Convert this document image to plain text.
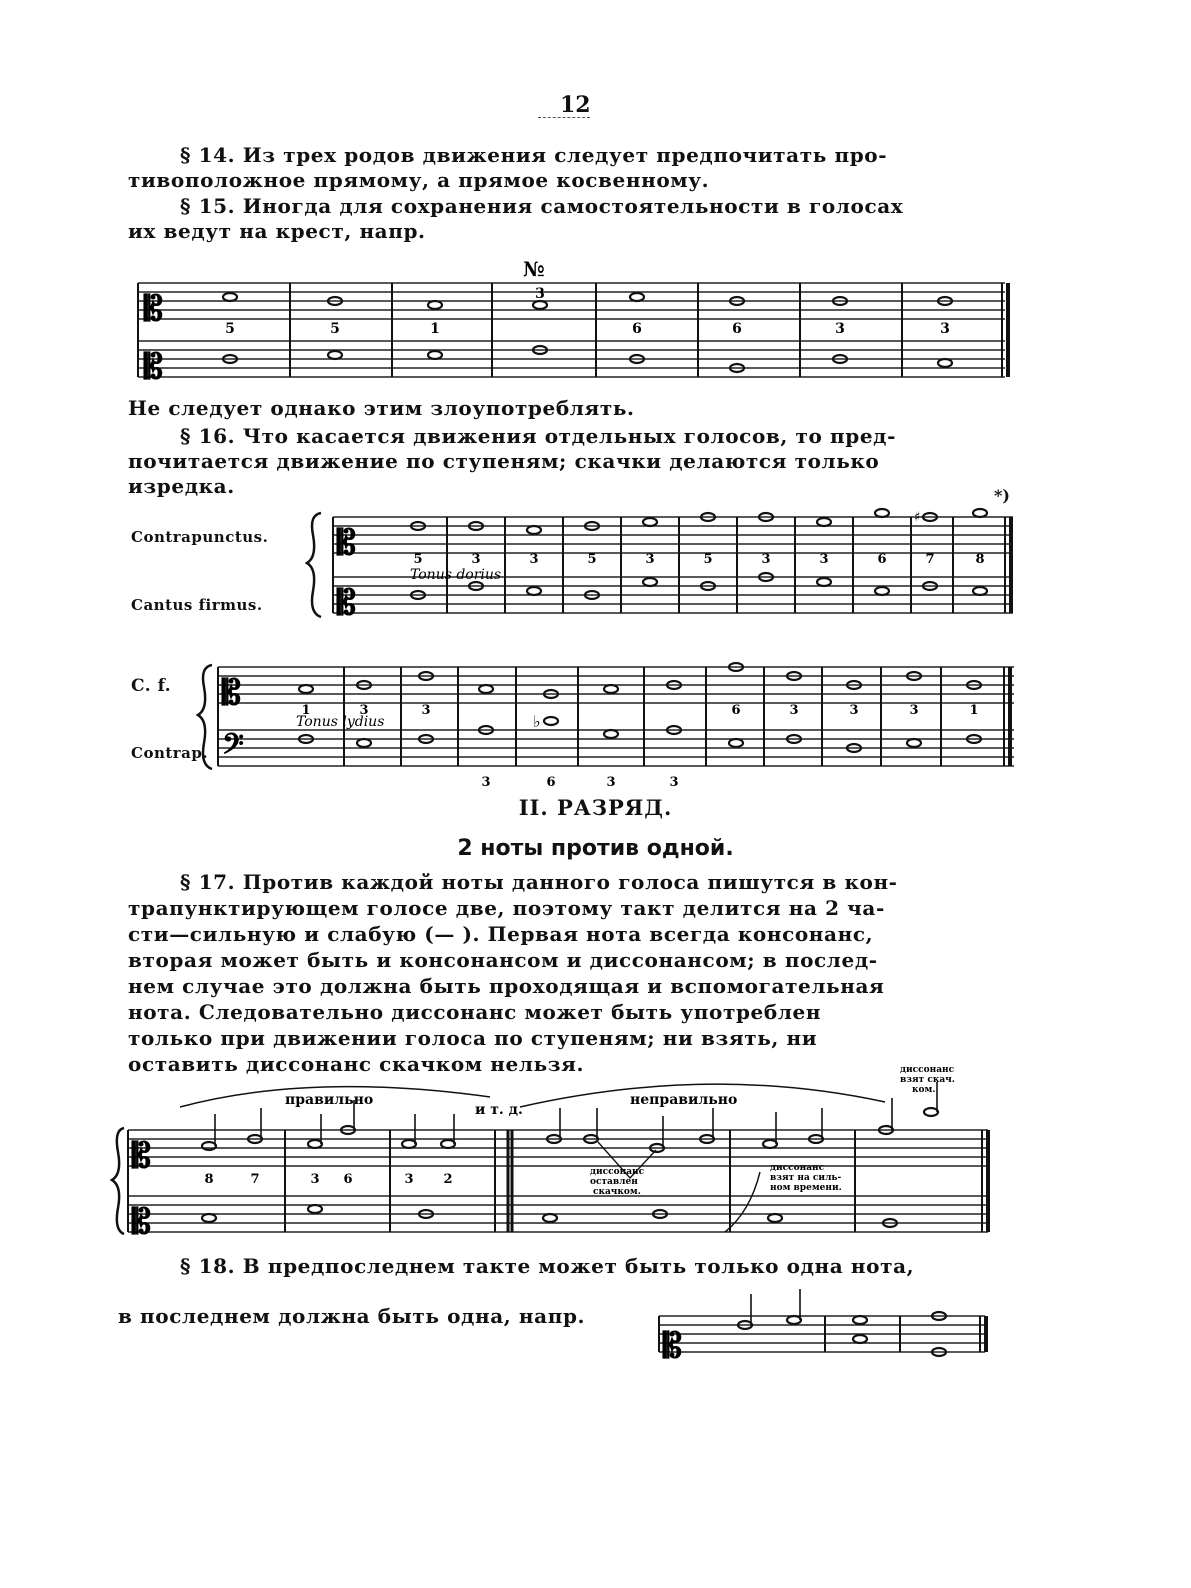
12
§ 14. Из трех родов движения следует предпочитать про-
тивоположное прямому, а прямое косвенному.
§ 15. Иногда для сохранения самостоятельности в голосах
их ведут на крест, напр.
№
𝄡
𝄡
5	5	1
3
6	6	3	3
Не следует однако этим злоупотреблять.
§ 16. Что касается движения отдельных голосов, то пред-
почитается движение по ступеням; скачки делаются только
изредка.	*)
Contrapunctus.
Cantus firmus.
𝄡
𝄡
♯
5	3	3	5	3	5	3	3	6	7	8
Tonus dorius
C. f.
Contrap.
𝄡
𝄢
♭
1	3	3	6	3	3	3	1
3	6	3	3
Tonus lydius
II. РАЗРЯД.
2 ноты против одной.
§ 17. Против каждой ноты данного голоса пишутся в кон-
трапунктирующем голосе две, поэтому такт делится на 2 ча-
сти—сильную и слабую (— ). Первая нота всегда консонанс,
вторая может быть и консонансом и диссонансом; в послед-
нем случае это должна быть проходящая и вспомогательная
нота. Следовательно диссонанс может быть употреблен
только при движении голоса по ступеням; ни взять, ни
оставить диссонанс скачком нельзя.
правильно
и т. д.
неправильно
диссонанс
взят скач.
ком.
диссонанс
оставлен
скачком.
диссонанс
взят на силь-
ном времени.
𝄡
𝄡
8	7	3 6	3 2
§ 18. В предпоследнем такте может быть только одна нота,
в последнем должна быть одна, напр.
𝄡
